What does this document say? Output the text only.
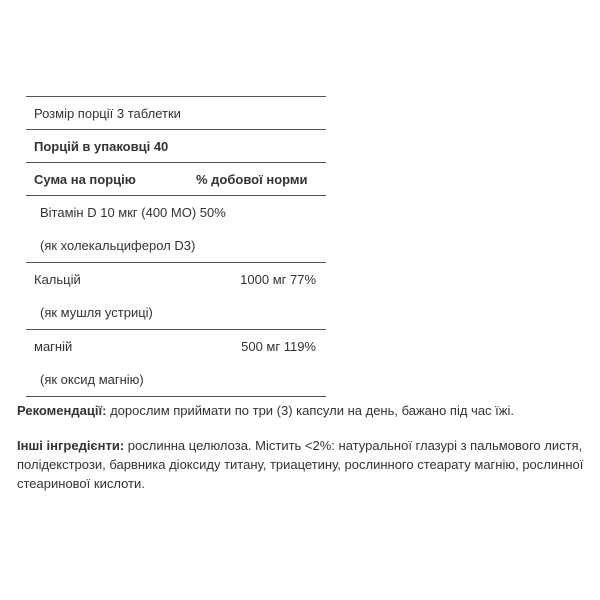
Розмір порції 3 таблетки
Порцій в упаковці 40
Сума на порцію	% добової норми
Вітамін D 10 мкг (400 МО) 50%
(як холекальциферол D3)
Кальцій	1000 мг 77%
(як мушля устриці)
магній	500 мг 119%
(як оксид магнію)
Рекомендації: дорослим приймати по три (3) капсули на день, бажано під час їжі.
Інші інгредієнти: рослинна целюлоза. Містить <2%: натуральної глазурі з пальмового листя, полідекстрози, барвника діоксиду титану, триацетину, рослинного стеарату магнію, рослинної стеаринової кислоти.
